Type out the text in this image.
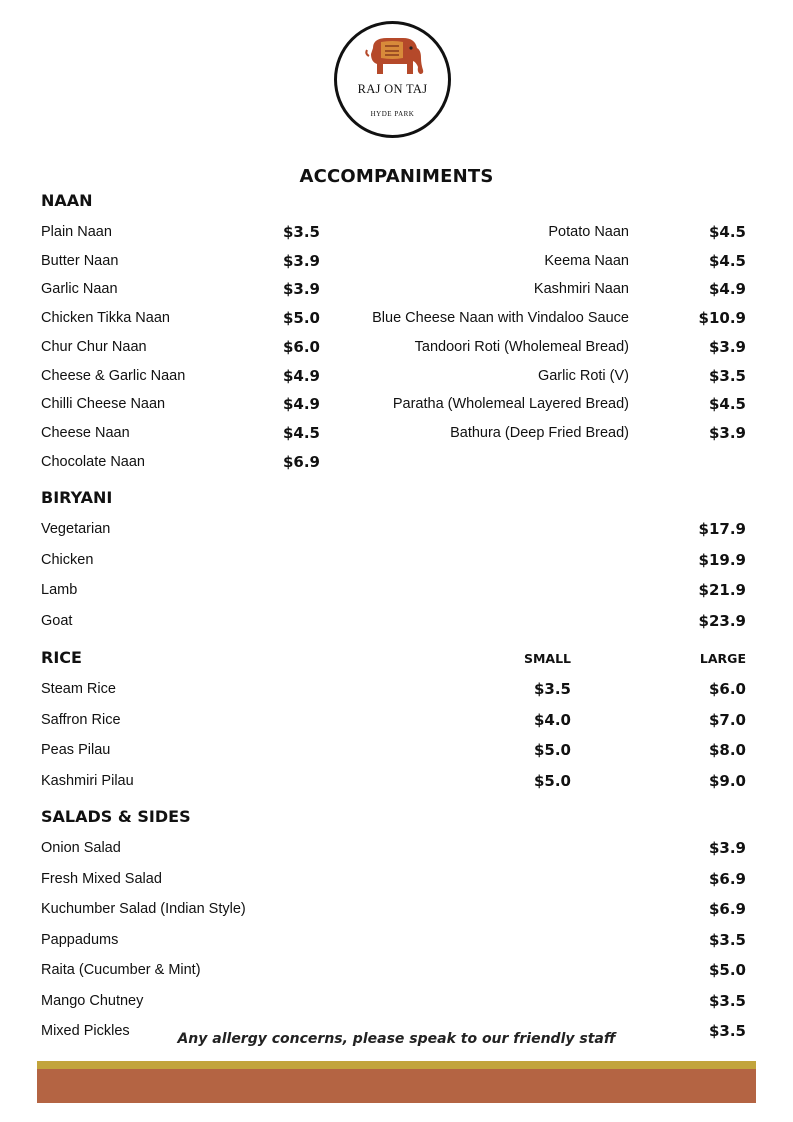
RAJ ON TAJ
HYDE PARK
ACCOMPANIMENTS
NAAN
Plain Naan	$3.5
Butter Naan	$3.9
Garlic Naan	$3.9
Chicken Tikka Naan	$5.0
Chur Chur Naan	$6.0
Cheese & Garlic Naan	$4.9
Chilli Cheese Naan	$4.9
Cheese Naan	$4.5
Chocolate Naan	$6.9
Potato Naan	$4.5
Keema Naan	$4.5
Kashmiri Naan	$4.9
Blue Cheese Naan with Vindaloo Sauce	$10.9
Tandoori Roti (Wholemeal Bread)	$3.9
Garlic Roti (V)	$3.5
Paratha (Wholemeal Layered Bread)	$4.5
Bathura (Deep Fried Bread)	$3.9
BIRYANI
Vegetarian	$17.9
Chicken	$19.9
Lamb	$21.9
Goat	$23.9
RICE	SMALL	LARGE
Steam Rice	$3.5	$6.0
Saffron Rice	$4.0	$7.0
Peas Pilau	$5.0	$8.0
Kashmiri Pilau	$5.0	$9.0
SALADS & SIDES
Onion Salad	$3.9
Fresh Mixed Salad	$6.9
Kuchumber Salad (Indian Style)	$6.9
Pappadums	$3.5
Raita (Cucumber & Mint)	$5.0
Mango Chutney	$3.5
Mixed Pickles	$3.5
Any allergy concerns, please speak to our friendly staff
